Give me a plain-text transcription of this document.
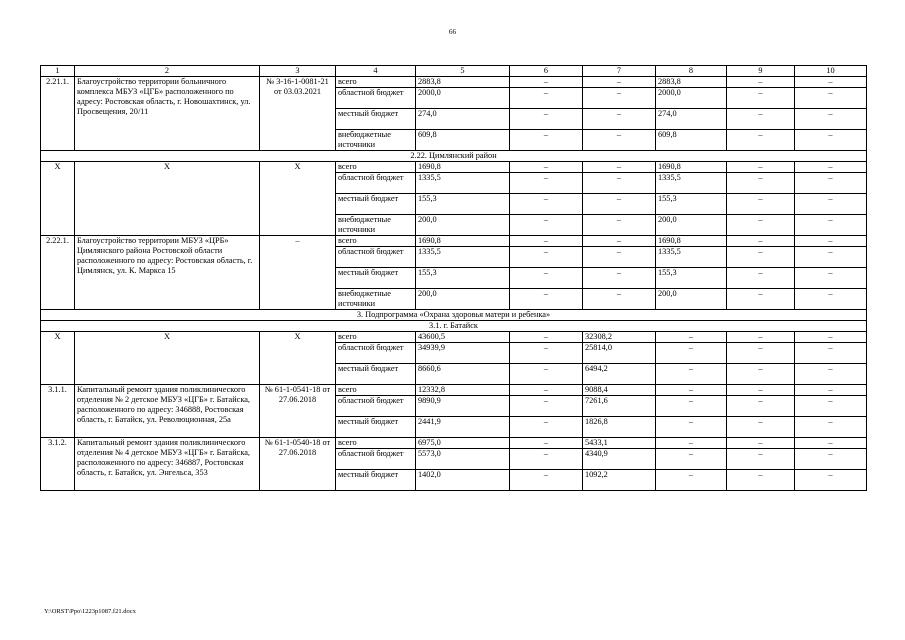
66
1	2	3	4	5	6	7	8	9	10
2.21.1.	Благоустройство территории больничного комплекса МБУЗ «ЦГБ» расположенного по адресу: Ростовская область, г. Новошахтинск, ул. Просвещения, 20/11	№ 3-16-1-0081-21 от 03.03.2021	всего	2883,8	–	–	2883,8	–	–
			областной бюджет	2000,0	–	–	2000,0	–	–
			местный бюджет	274,0	–	–	274,0	–	–
			внебюджетные источники	609,8	–	–	609,8	–	–
2.22. Цимлянский район									
Х	Х	Х	всего	1690,8	–	–	1690,8	–	–
			областной бюджет	1335,5	–	–	1335,5	–	–
			местный бюджет	155,3	–	–	155,3	–	–
			внебюджетные источники	200,0	–	–	200,0	–	–
2.22.1.	Благоустройство территории МБУЗ «ЦРБ» Цимлянского района Ростовской области расположенного по адресу: Ростовская область, г. Цимлянск, ул. К. Маркса 15	–	всего	1690,8	–	–	1690,8	–	–
			областной бюджет	1335,5	–	–	1335,5	–	–
			местный бюджет	155,3	–	–	155,3	–	–
			внебюджетные источники	200,0	–	–	200,0	–	–
3. Подпрограмма «Охрана здоровья матери и ребенка»									
3.1. г. Батайск									
Х	Х	Х	всего	43600,5	–	32308,2	–	–	–
			областной бюджет	34939,9	–	25814,0	–	–	–
			местный бюджет	8660,6	–	6494,2	–	–	–
3.1.1.	Капитальный ремонт здания поликлинического отделения № 2 детское МБУЗ «ЦГБ» г. Батайска, расположенного по адресу: 346888, Ростовская область, г. Батайск, ул. Революционная, 25а	№ 61-1-0541-18 от 27.06.2018	всего	12332,8	–	9088,4	–	–	–
			областной бюджет	9890,9	–	7261,6	–	–	–
			местный бюджет	2441,9	–	1826,8	–	–	–
3.1.2.	Капитальный ремонт здания поликлинического отделения № 4 детское МБУЗ «ЦГБ» г. Батайска, расположенного по адресу: 346887, Ростовская область, г. Батайск, ул. Энгельса, 353	№ 61-1-0540-18 от 27.06.2018	всего	6975,0	–	5433,1	–	–	–
			областной бюджет	5573,0	–	4340,9	–	–	–
			местный бюджет	1402,0	–	1092,2	–	–	–
Y:\ORST\Ppo\1223p1087.f21.docx
